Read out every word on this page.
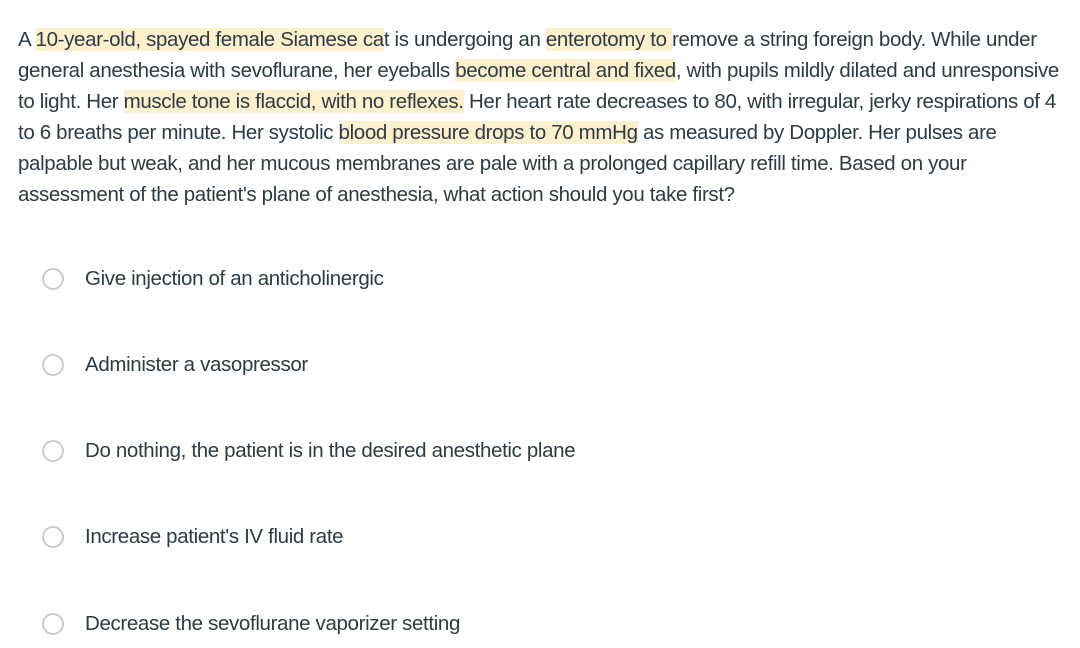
A 10-year-old, spayed female Siamese cat is undergoing an enterotomy to remove a string foreign body. While under general anesthesia with sevoflurane, her eyeballs become central and fixed, with pupils mildly dilated and unresponsive to light. Her muscle tone is flaccid, with no reflexes. Her heart rate decreases to 80, with irregular, jerky respirations of 4 to 6 breaths per minute. Her systolic blood pressure drops to 70 mmHg as measured by Doppler. Her pulses are palpable but weak, and her mucous membranes are pale with a prolonged capillary refill time. Based on your assessment of the patient's plane of anesthesia, what action should you take first?

Give injection of an anticholinergic
Administer a vasopressor
Do nothing, the patient is in the desired anesthetic plane
Increase patient's IV fluid rate
Decrease the sevoflurane vaporizer setting
